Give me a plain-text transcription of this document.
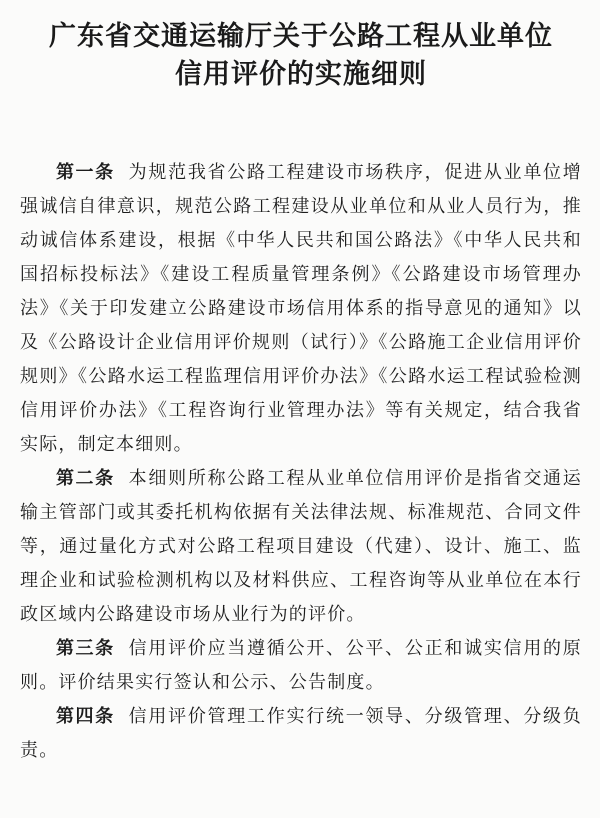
广东省交通运输厅关于公路工程从业单位
信用评价的实施细则

第一条 为规范我省公路工程建设市场秩序，促进从业单位增强诚信自律意识，规范公路工程建设从业单位和从业人员行为，推动诚信体系建设，根据《中华人民共和国公路法》《中华人民共和国招标投标法》《建设工程质量管理条例》《公路建设市场管理办法》《关于印发建立公路建设市场信用体系的指导意见的通知》以及《公路设计企业信用评价规则（试行）》《公路施工企业信用评价规则》《公路水运工程监理信用评价办法》《公路水运工程试验检测信用评价办法》《工程咨询行业管理办法》等有关规定，结合我省实际，制定本细则。

第二条 本细则所称公路工程从业单位信用评价是指省交通运输主管部门或其委托机构依据有关法律法规、标准规范、合同文件等，通过量化方式对公路工程项目建设（代建）、设计、施工、监理企业和试验检测机构以及材料供应、工程咨询等从业单位在本行政区域内公路建设市场从业行为的评价。

第三条 信用评价应当遵循公开、公平、公正和诚实信用的原则。评价结果实行签认和公示、公告制度。

第四条 信用评价管理工作实行统一领导、分级管理、分级负责。
